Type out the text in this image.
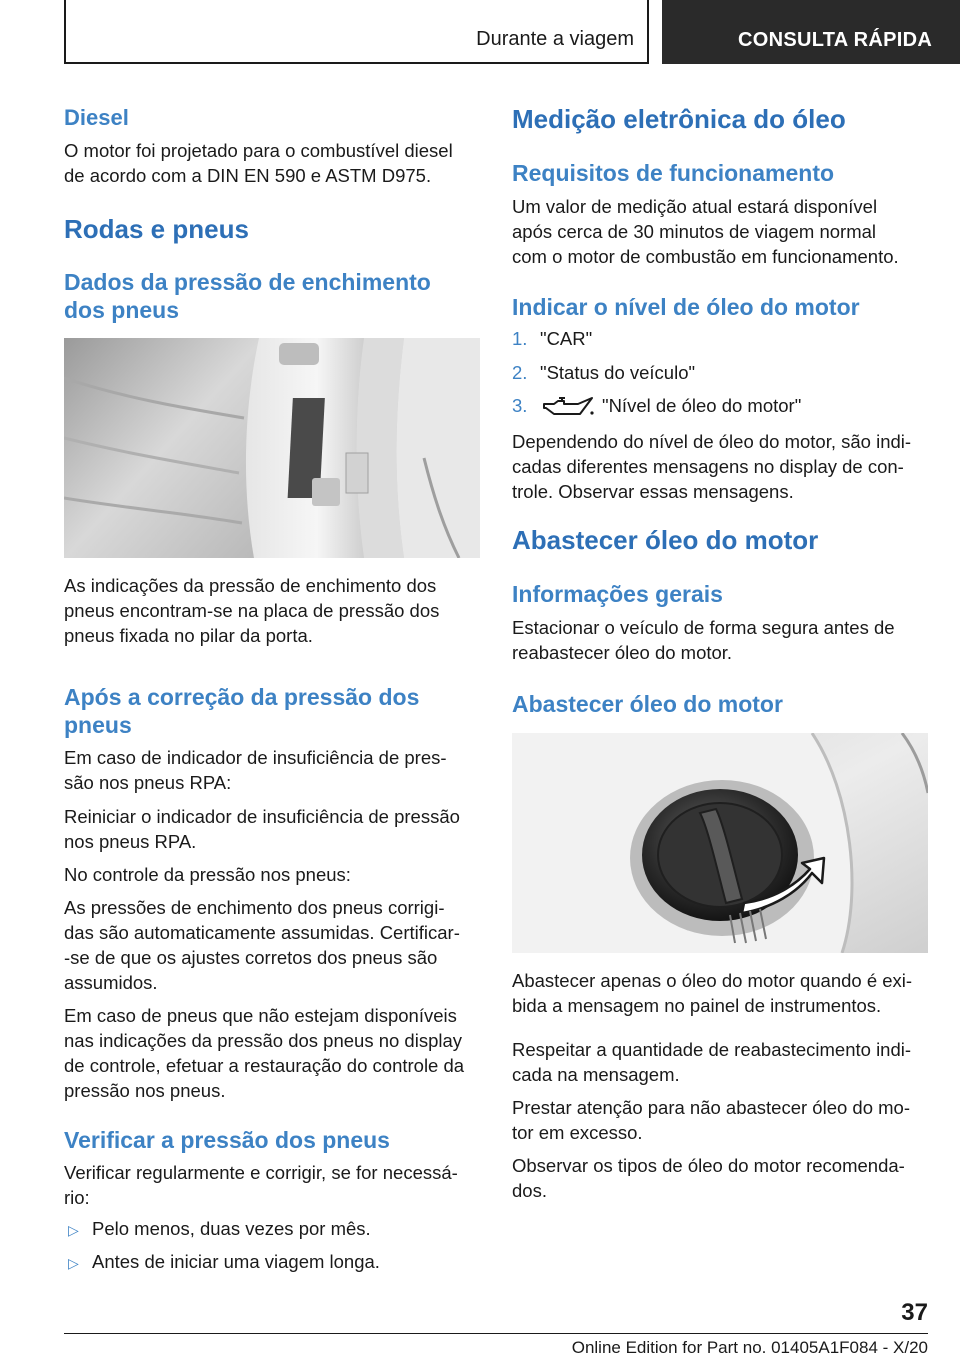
Durante a viagem	CONSULTA RÁPIDA
Diesel
O motor foi projetado para o combustível diesel
de acordo com a DIN EN 590 e ASTM D975.
Rodas e pneus
Dados da pressão de enchimento
dos pneus
As indicações da pressão de enchimento dos
pneus encontram-se na placa de pressão dos
pneus fixada no pilar da porta.
Após a correção da pressão dos
pneus
Em caso de indicador de insuficiência de pres-
são nos pneus RPA:
Reiniciar o indicador de insuficiência de pressão
nos pneus RPA.
No controle da pressão nos pneus:
As pressões de enchimento dos pneus corrigi-
das são automaticamente assumidas. Certificar-
-se de que os ajustes corretos dos pneus são
assumidos.
Em caso de pneus que não estejam disponíveis
nas indicações da pressão dos pneus no display
de controle, efetuar a restauração do controle da
pressão nos pneus.
Verificar a pressão dos pneus
Verificar regularmente e corrigir, se for necessá-
rio:
▷ Pelo menos, duas vezes por mês.
▷ Antes de iniciar uma viagem longa.
Medição eletrônica do óleo
Requisitos de funcionamento
Um valor de medição atual estará disponível
após cerca de 30 minutos de viagem normal
com o motor de combustão em funcionamento.
Indicar o nível de óleo do motor
1. "CAR"
2. "Status do veículo"
3.	"Nível de óleo do motor"
Dependendo do nível de óleo do motor, são indi-
cadas diferentes mensagens no display de con-
trole. Observar essas mensagens.
Abastecer óleo do motor
Informações gerais
Estacionar o veículo de forma segura antes de
reabastecer óleo do motor.
Abastecer óleo do motor
Abastecer apenas o óleo do motor quando é exi-
bida a mensagem no painel de instrumentos.
Respeitar a quantidade de reabastecimento indi-
cada na mensagem.
Prestar atenção para não abastecer óleo do mo-
tor em excesso.
Observar os tipos de óleo do motor recomenda-
dos.
37
Online Edition for Part no. 01405A1F084 - X/20
